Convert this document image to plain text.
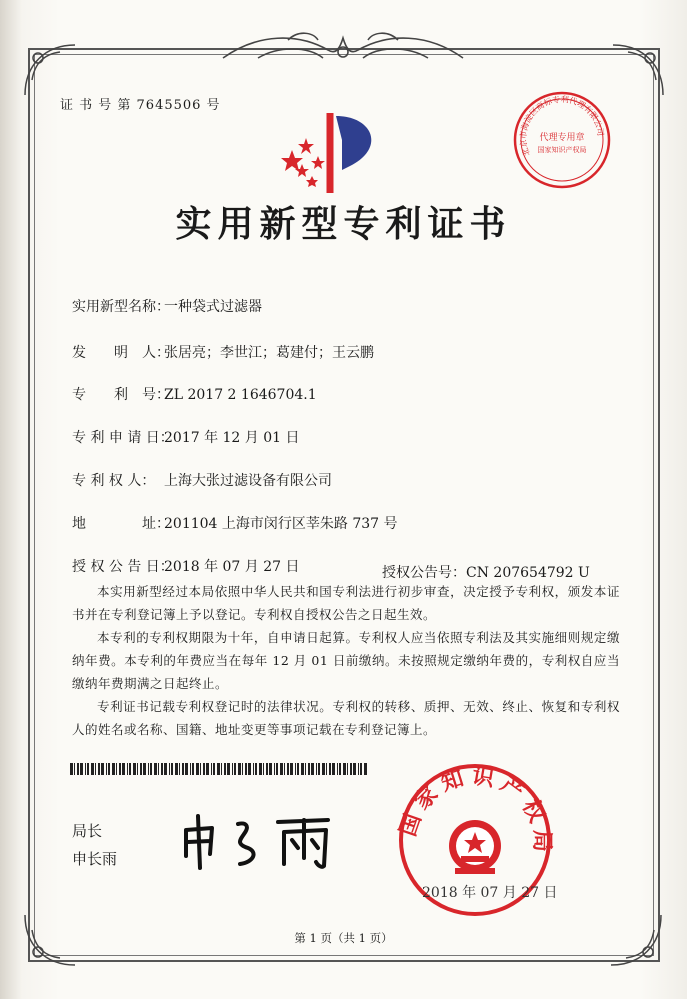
证 书 号 第 7645506 号
代理专用章
国家知识产权局
北京市海淀区商标专利代理有限公司
实用新型专利证书
实用新型名称：一种袋式过滤器
发　　明　人：张居亮；李世江；葛建付；王云鹏
专　　利　号：ZL 2017 2 1646704.1
专 利 申 请 日：2017 年 12 月 01 日
专 利 权 人： 上海大张过滤设备有限公司
地　　　　址：201104 上海市闵行区莘朱路 737 号
授 权 公 告 日：2018 年 07 月 27 日	授权公告号：CN 207654792 U

本实用新型经过本局依照中华人民共和国专利法进行初步审查，决定授予专利权，颁发本证书并在专利登记簿上予以登记。专利权自授权公告之日起生效。

本专利的专利权期限为十年，自申请日起算。专利权人应当依照专利法及其实施细则规定缴纳年费。本专利的年费应当在每年 12 月 01 日前缴纳。未按照规定缴纳年费的，专利权自应当缴纳年费期满之日起终止。

专利证书记载专利权登记时的法律状况。专利权的转移、质押、无效、终止、恢复和专利权人的姓名或名称、国籍、地址变更等事项记载在专利登记簿上。

局长
申长雨
国家知识产权局
2018 年 07 月 27 日
第 1 页（共 1 页）
